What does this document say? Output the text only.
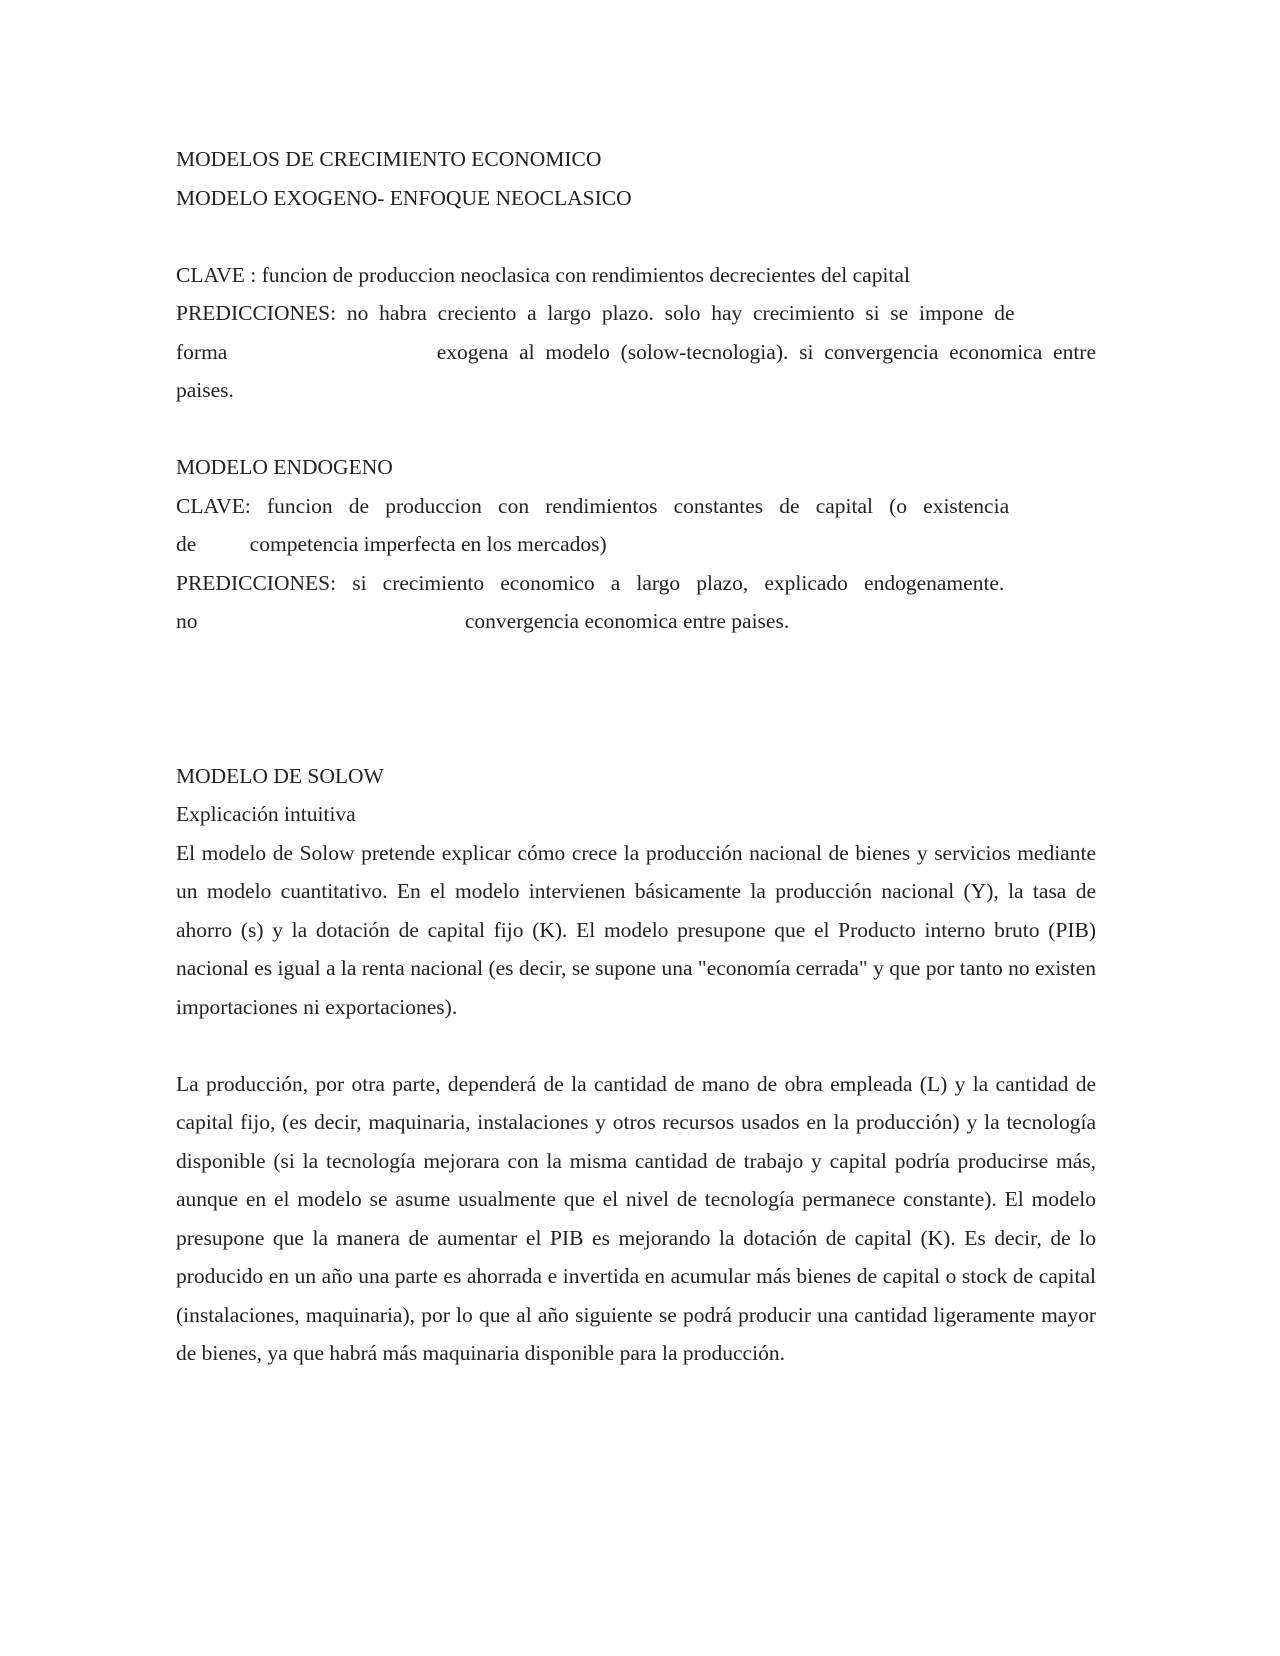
MODELOS DE CRECIMIENTO ECONOMICO

MODELO EXOGENO- ENFOQUE NEOCLASICO

CLAVE : funcion de produccion neoclasica con rendimientos decrecientes del capital

PREDICCIONES:  no  habra  creciento  a  largo  plazo.  solo  hay  crecimiento  si  se  impone  de

forma	exogena  al  modelo  (solow-tecnologia).  si  convergencia  economica  entre

paises.

MODELO ENDOGENO

CLAVE:   funcion   de   produccion   con   rendimientos   constantes   de   capital   (o   existencia

de competencia imperfecta en los mercados)

PREDICCIONES:   si   crecimiento   economico   a   largo   plazo,   explicado   endogenamente.

no	convergencia economica entre paises.

MODELO DE SOLOW

Explicación intuitiva

El modelo de Solow pretende explicar cómo crece la producción nacional de bienes y servicios mediante un modelo cuantitativo. En el modelo intervienen básicamente la producción nacional (Y), la tasa de ahorro (s) y la dotación de capital fijo (K). El modelo presupone que el Producto interno bruto (PIB) nacional es igual a la renta nacional (es decir, se supone una "economía cerrada" y que por tanto no existen importaciones ni exportaciones).

La producción, por otra parte, dependerá de la cantidad de mano de obra empleada (L) y la cantidad de capital fijo, (es decir, maquinaria, instalaciones y otros recursos usados en la producción) y la tecnología disponible (si la tecnología mejorara con la misma cantidad de trabajo y capital podría producirse más, aunque en el modelo se asume usualmente que el nivel de tecnología permanece constante). El modelo presupone que la manera de aumentar el PIB es mejorando la dotación de capital (K). Es decir, de lo producido en un año una parte es ahorrada e invertida en acumular más bienes de capital o stock de capital (instalaciones, maquinaria), por lo que al año siguiente se podrá producir una cantidad ligeramente mayor de bienes, ya que habrá más maquinaria disponible para la producción.
